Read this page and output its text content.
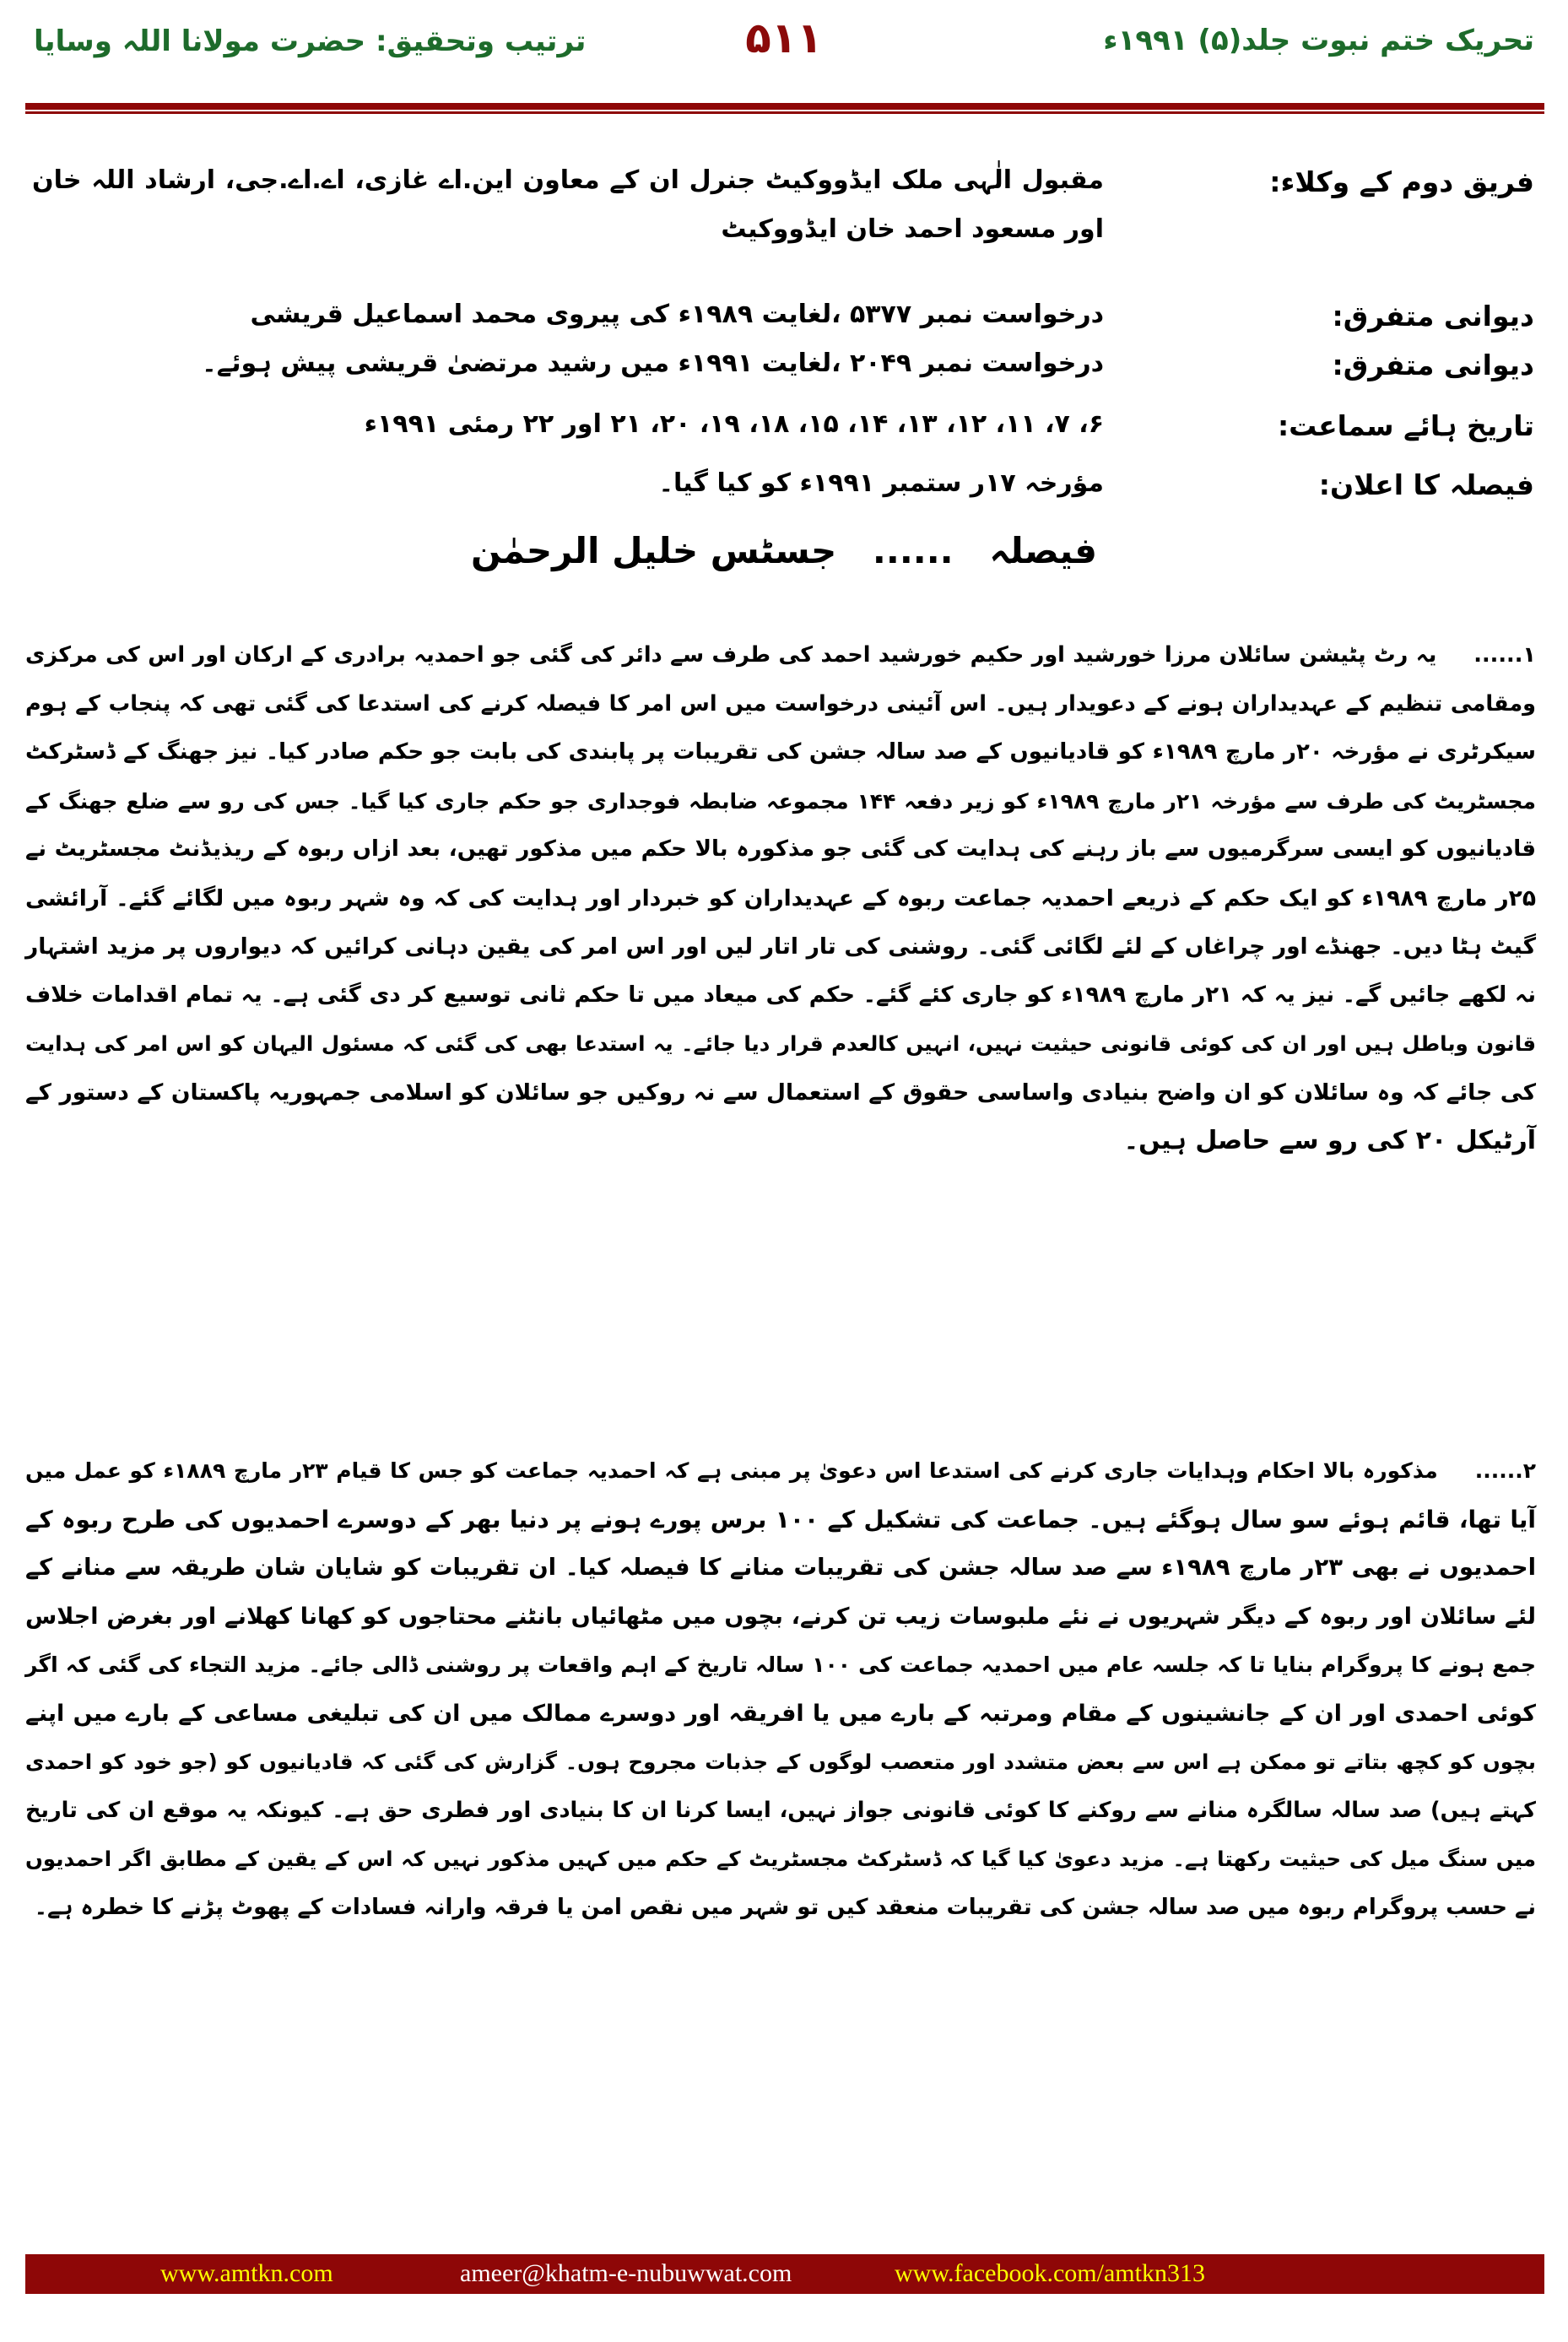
تحریک ختم نبوت جلد(۵) ۱۹۹۱ء
۵۱۱
ترتیب وتحقیق: حضرت مولانا اللہ وسایا
فریق دوم کے وکلاء:
مقبول الٰہی ملک ایڈووکیٹ جنرل ان کے معاون این.اے غازی، اے.اے.جی، ارشاد اللہ خان
اور مسعود احمد خان ایڈووکیٹ
دیوانی متفرق:
درخواست نمبر ۵۳۷۷ ،لغایت ۱۹۸۹ء کی پیروی محمد اسماعیل قریشی
دیوانی متفرق:
درخواست نمبر ۲۰۴۹ ،لغایت ۱۹۹۱ء میں رشید مرتضیٰ قریشی پیش ہوئے۔
تاریخ ہائے سماعت:
۶، ۷، ۱۱، ۱۲، ۱۳، ۱۴، ۱۵، ۱۸، ۱۹، ۲۰، ۲۱ اور ۲۲ رمئی ۱۹۹۱ء
فیصلہ کا اعلان:
مؤرخہ ۱۷ر ستمبر ۱۹۹۱ء کو کیا گیا۔
فیصلہ ...... جسٹس خلیل الرحمٰن
۱......یہ رٹ پٹیشن سائلان مرزا خورشید اور حکیم خورشید احمد کی طرف سے دائر کی گئی جو احمدیہ برادری کے ارکان اور اس کی مرکزی
ومقامی تنظیم کے عہدیداران ہونے کے دعویدار ہیں۔ اس آئینی درخواست میں اس امر کا فیصلہ کرنے کی استدعا کی گئی تھی کہ پنجاب کے ہوم
سیکرٹری نے مؤرخہ ۲۰ر مارچ ۱۹۸۹ء کو قادیانیوں کے صد سالہ جشن کی تقریبات پر پابندی کی بابت جو حکم صادر کیا۔ نیز جھنگ کے ڈسٹرکٹ
مجسٹریٹ کی طرف سے مؤرخہ ۲۱ر مارچ ۱۹۸۹ء کو زیر دفعہ ۱۴۴ مجموعہ ضابطہ فوجداری جو حکم جاری کیا گیا۔ جس کی رو سے ضلع جھنگ کے
قادیانیوں کو ایسی سرگرمیوں سے باز رہنے کی ہدایت کی گئی جو مذکورہ بالا حکم میں مذکور تھیں، بعد ازاں ربوہ کے ریذیڈنٹ مجسٹریٹ نے
۲۵ر مارچ ۱۹۸۹ء کو ایک حکم کے ذریعے احمدیہ جماعت ربوہ کے عہدیداران کو خبردار اور ہدایت کی کہ وہ شہر ربوہ میں لگائے گئے۔ آرائشی
گیٹ ہٹا دیں۔ جھنڈے اور چراغاں کے لئے لگائی گئی۔ روشنی کی تار اتار لیں اور اس امر کی یقین دہانی کرائیں کہ دیواروں پر مزید اشتہار
نہ لکھے جائیں گے۔ نیز یہ کہ ۲۱ر مارچ ۱۹۸۹ء کو جاری کئے گئے۔ حکم کی میعاد میں تا حکم ثانی توسیع کر دی گئی ہے۔ یہ تمام اقدامات خلاف
قانون وباطل ہیں اور ان کی کوئی قانونی حیثیت نہیں، انہیں کالعدم قرار دیا جائے۔ یہ استدعا بھی کی گئی کہ مسئول الیہان کو اس امر کی ہدایت
کی جائے کہ وہ سائلان کو ان واضح بنیادی واساسی حقوق کے استعمال سے نہ روکیں جو سائلان کو اسلامی جمہوریہ پاکستان کے دستور کے
آرٹیکل ۲۰ کی رو سے حاصل ہیں۔
۲......مذکورہ بالا احکام وہدایات جاری کرنے کی استدعا اس دعویٰ پر مبنی ہے کہ احمدیہ جماعت کو جس کا قیام ۲۳ر مارچ ۱۸۸۹ء کو عمل میں
آیا تھا، قائم ہوئے سو سال ہوگئے ہیں۔ جماعت کی تشکیل کے ۱۰۰ برس پورے ہونے پر دنیا بھر کے دوسرے احمدیوں کی طرح ربوہ کے
احمدیوں نے بھی ۲۳ر مارچ ۱۹۸۹ء سے صد سالہ جشن کی تقریبات منانے کا فیصلہ کیا۔ ان تقریبات کو شایان شان طریقہ سے منانے کے
لئے سائلان اور ربوہ کے دیگر شہریوں نے نئے ملبوسات زیب تن کرنے، بچوں میں مٹھائیاں بانٹنے محتاجوں کو کھانا کھلانے اور بغرض اجلاس
جمع ہونے کا پروگرام بنایا تا کہ جلسہ عام میں احمدیہ جماعت کی ۱۰۰ سالہ تاریخ کے اہم واقعات پر روشنی ڈالی جائے۔ مزید التجاء کی گئی کہ اگر
کوئی احمدی اور ان کے جانشینوں کے مقام ومرتبہ کے بارے میں یا افریقہ اور دوسرے ممالک میں ان کی تبلیغی مساعی کے بارے میں اپنے
بچوں کو کچھ بتاتے تو ممکن ہے اس سے بعض متشدد اور متعصب لوگوں کے جذبات مجروح ہوں۔ گزارش کی گئی کہ قادیانیوں کو (جو خود کو احمدی
کہتے ہیں) صد سالہ سالگرہ منانے سے روکنے کا کوئی قانونی جواز نہیں، ایسا کرنا ان کا بنیادی اور فطری حق ہے۔ کیونکہ یہ موقع ان کی تاریخ
میں سنگ میل کی حیثیت رکھتا ہے۔ مزید دعویٰ کیا گیا کہ ڈسٹرکٹ مجسٹریٹ کے حکم میں کہیں مذکور نہیں کہ اس کے یقین کے مطابق اگر احمدیوں
نے حسب پروگرام ربوہ میں صد سالہ جشن کی تقریبات منعقد کیں تو شہر میں نقص امن یا فرقہ وارانہ فسادات کے پھوٹ پڑنے کا خطرہ ہے۔
www.amtkn.com	ameer@khatm-e-nubuwwat.com	www.facebook.com/amtkn313
